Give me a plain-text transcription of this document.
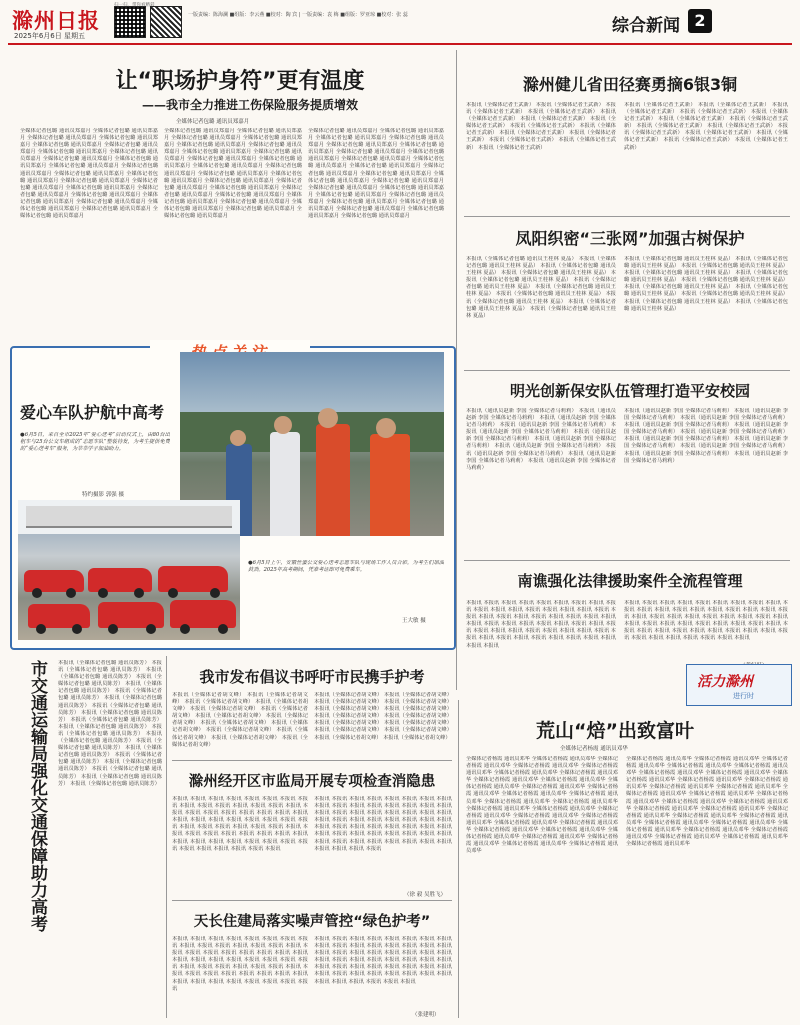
滁州日报
2025年6月6日 星期五
扫一扫，带你看精彩
一版责编：陈海澜 ■组版：李云燕 ■校对：陶 宾 | 一版责编：袁 梅 ■组版：罗亚琼 ■校对：张 蕊
综合新闻 2
让“职场护身符”更有温度
——我市全力推进工伤保险服务提质增效
全媒体记者包璐 通讯员郑嘉月
全媒体记者包璐 通讯员郑嘉月 全媒体记者包璐 通讯员郑嘉月 全媒体记者包璐 通讯员郑嘉月 全媒体记者包璐 通讯员郑嘉月 全媒体记者包璐 通讯员郑嘉月 全媒体记者包璐 通讯员郑嘉月 全媒体记者包璐 通讯员郑嘉月 全媒体记者包璐 通讯员郑嘉月 全媒体记者包璐 通讯员郑嘉月 全媒体记者包璐 通讯员郑嘉月 全媒体记者包璐 通讯员郑嘉月 全媒体记者包璐 通讯员郑嘉月 全媒体记者包璐 通讯员郑嘉月 全媒体记者包璐 通讯员郑嘉月 全媒体记者包璐 通讯员郑嘉月 全媒体记者包璐 通讯员郑嘉月 全媒体记者包璐 通讯员郑嘉月 全媒体记者包璐 通讯员郑嘉月 全媒体记者包璐 通讯员郑嘉月 全媒体记者包璐 通讯员郑嘉月 全媒体记者包璐 通讯员郑嘉月 全媒体记者包璐 通讯员郑嘉月 全媒体记者包璐 通讯员郑嘉月 全媒体记者包璐 通讯员郑嘉月
全媒体记者包璐 通讯员郑嘉月 全媒体记者包璐 通讯员郑嘉月 全媒体记者包璐 通讯员郑嘉月 全媒体记者包璐 通讯员郑嘉月 全媒体记者包璐 通讯员郑嘉月 全媒体记者包璐 通讯员郑嘉月 全媒体记者包璐 通讯员郑嘉月 全媒体记者包璐 通讯员郑嘉月 全媒体记者包璐 通讯员郑嘉月 全媒体记者包璐 通讯员郑嘉月 全媒体记者包璐 通讯员郑嘉月 全媒体记者包璐 通讯员郑嘉月 全媒体记者包璐 通讯员郑嘉月 全媒体记者包璐 通讯员郑嘉月 全媒体记者包璐 通讯员郑嘉月 全媒体记者包璐 通讯员郑嘉月 全媒体记者包璐 通讯员郑嘉月 全媒体记者包璐 通讯员郑嘉月 全媒体记者包璐 通讯员郑嘉月 全媒体记者包璐 通讯员郑嘉月 全媒体记者包璐 通讯员郑嘉月 全媒体记者包璐 通讯员郑嘉月 全媒体记者包璐 通讯员郑嘉月 全媒体记者包璐 通讯员郑嘉月
全媒体记者包璐 通讯员郑嘉月 全媒体记者包璐 通讯员郑嘉月 全媒体记者包璐 通讯员郑嘉月 全媒体记者包璐 通讯员郑嘉月 全媒体记者包璐 通讯员郑嘉月 全媒体记者包璐 通讯员郑嘉月 全媒体记者包璐 通讯员郑嘉月 全媒体记者包璐 通讯员郑嘉月 全媒体记者包璐 通讯员郑嘉月 全媒体记者包璐 通讯员郑嘉月 全媒体记者包璐 通讯员郑嘉月 全媒体记者包璐 通讯员郑嘉月 全媒体记者包璐 通讯员郑嘉月 全媒体记者包璐 通讯员郑嘉月 全媒体记者包璐 通讯员郑嘉月 全媒体记者包璐 通讯员郑嘉月 全媒体记者包璐 通讯员郑嘉月 全媒体记者包璐 通讯员郑嘉月 全媒体记者包璐 通讯员郑嘉月 全媒体记者包璐 通讯员郑嘉月 全媒体记者包璐 通讯员郑嘉月 全媒体记者包璐 通讯员郑嘉月 全媒体记者包璐 通讯员郑嘉月 全媒体记者包璐 通讯员郑嘉月
滁州健儿省田径赛勇摘6银3铜
本报讯（全媒体记者王武新） 本报讯（全媒体记者王武新） 本报讯（全媒体记者王武新） 本报讯（全媒体记者王武新） 本报讯（全媒体记者王武新） 本报讯（全媒体记者王武新） 本报讯（全媒体记者王武新） 本报讯（全媒体记者王武新） 本报讯（全媒体记者王武新） 本报讯（全媒体记者王武新） 本报讯（全媒体记者王武新） 本报讯（全媒体记者王武新） 本报讯（全媒体记者王武新） 本报讯（全媒体记者王武新）
本报讯（全媒体记者王武新） 本报讯（全媒体记者王武新） 本报讯（全媒体记者王武新） 本报讯（全媒体记者王武新） 本报讯（全媒体记者王武新） 本报讯（全媒体记者王武新） 本报讯（全媒体记者王武新） 本报讯（全媒体记者王武新） 本报讯（全媒体记者王武新） 本报讯（全媒体记者王武新） 本报讯（全媒体记者王武新） 本报讯（全媒体记者王武新） 本报讯（全媒体记者王武新） 本报讯（全媒体记者王武新）
凤阳织密“三张网”加强古树保护
本报讯（全媒体记者包璐 通讯员王桂林 夏晶） 本报讯（全媒体记者包璐 通讯员王桂林 夏晶） 本报讯（全媒体记者包璐 通讯员王桂林 夏晶） 本报讯（全媒体记者包璐 通讯员王桂林 夏晶） 本报讯（全媒体记者包璐 通讯员王桂林 夏晶） 本报讯（全媒体记者包璐 通讯员王桂林 夏晶） 本报讯（全媒体记者包璐 通讯员王桂林 夏晶） 本报讯（全媒体记者包璐 通讯员王桂林 夏晶） 本报讯（全媒体记者包璐 通讯员王桂林 夏晶） 本报讯（全媒体记者包璐 通讯员王桂林 夏晶） 本报讯（全媒体记者包璐 通讯员王桂林 夏晶）
本报讯（全媒体记者包璐 通讯员王桂林 夏晶） 本报讯（全媒体记者包璐 通讯员王桂林 夏晶） 本报讯（全媒体记者包璐 通讯员王桂林 夏晶） 本报讯（全媒体记者包璐 通讯员王桂林 夏晶） 本报讯（全媒体记者包璐 通讯员王桂林 夏晶） 本报讯（全媒体记者包璐 通讯员王桂林 夏晶） 本报讯（全媒体记者包璐 通讯员王桂林 夏晶） 本报讯（全媒体记者包璐 通讯员王桂林 夏晶） 本报讯（全媒体记者包璐 通讯员王桂林 夏晶） 本报讯（全媒体记者包璐 通讯员王桂林 夏晶） 本报讯（全媒体记者包璐 通讯员王桂林 夏晶）
明光创新保安队伍管理打造平安校园
本报讯（通讯员赵新 李国 全媒体记者马莉莉） 本报讯（通讯员赵新 李国 全媒体记者马莉莉） 本报讯（通讯员赵新 李国 全媒体记者马莉莉） 本报讯（通讯员赵新 李国 全媒体记者马莉莉） 本报讯（通讯员赵新 李国 全媒体记者马莉莉） 本报讯（通讯员赵新 李国 全媒体记者马莉莉） 本报讯（通讯员赵新 李国 全媒体记者马莉莉） 本报讯（通讯员赵新 李国 全媒体记者马莉莉） 本报讯（通讯员赵新 李国 全媒体记者马莉莉） 本报讯（通讯员赵新 李国 全媒体记者马莉莉） 本报讯（通讯员赵新 李国 全媒体记者马莉莉）
本报讯（通讯员赵新 李国 全媒体记者马莉莉） 本报讯（通讯员赵新 李国 全媒体记者马莉莉） 本报讯（通讯员赵新 李国 全媒体记者马莉莉） 本报讯（通讯员赵新 李国 全媒体记者马莉莉） 本报讯（通讯员赵新 李国 全媒体记者马莉莉） 本报讯（通讯员赵新 李国 全媒体记者马莉莉） 本报讯（通讯员赵新 李国 全媒体记者马莉莉） 本报讯（通讯员赵新 李国 全媒体记者马莉莉） 本报讯（通讯员赵新 李国 全媒体记者马莉莉） 本报讯（通讯员赵新 李国 全媒体记者马莉莉） 本报讯（通讯员赵新 李国 全媒体记者马莉莉）
南谯强化法律援助案件全流程管理
本报讯 本报讯 本报讯 本报讯 本报讯 本报讯 本报讯 本报讯 本报讯 本报讯 本报讯 本报讯 本报讯 本报讯 本报讯 本报讯 本报讯 本报讯 本报讯 本报讯 本报讯 本报讯 本报讯 本报讯 本报讯 本报讯 本报讯 本报讯 本报讯 本报讯 本报讯 本报讯 本报讯 本报讯 本报讯 本报讯 本报讯 本报讯 本报讯 本报讯 本报讯 本报讯 本报讯 本报讯 本报讯 本报讯 本报讯 本报讯 本报讯 本报讯 本报讯 本报讯 本报讯 本报讯
本报讯 本报讯 本报讯 本报讯 本报讯 本报讯 本报讯 本报讯 本报讯 本报讯 本报讯 本报讯 本报讯 本报讯 本报讯 本报讯 本报讯 本报讯 本报讯 本报讯 本报讯 本报讯 本报讯 本报讯 本报讯 本报讯 本报讯 本报讯 本报讯 本报讯 本报讯 本报讯 本报讯 本报讯 本报讯 本报讯 本报讯 本报讯 本报讯 本报讯 本报讯 本报讯 本报讯 本报讯 本报讯 本报讯 本报讯 本报讯 本报讯 本报讯 本报讯 本报讯 本报讯 本报讯
活力滁州
进行时
荒山“焙”出致富叶
全媒体记者杨霞 通讯员邓华
全媒体记者杨霞 通讯员邓华 全媒体记者杨霞 通讯员邓华 全媒体记者杨霞 通讯员邓华 全媒体记者杨霞 通讯员邓华 全媒体记者杨霞 通讯员邓华 全媒体记者杨霞 通讯员邓华 全媒体记者杨霞 通讯员邓华 全媒体记者杨霞 通讯员邓华 全媒体记者杨霞 通讯员邓华 全媒体记者杨霞 通讯员邓华 全媒体记者杨霞 通讯员邓华 全媒体记者杨霞 通讯员邓华 全媒体记者杨霞 通讯员邓华 全媒体记者杨霞 通讯员邓华 全媒体记者杨霞 通讯员邓华 全媒体记者杨霞 通讯员邓华 全媒体记者杨霞 通讯员邓华 全媒体记者杨霞 通讯员邓华 全媒体记者杨霞 通讯员邓华 全媒体记者杨霞 通讯员邓华 全媒体记者杨霞 通讯员邓华 全媒体记者杨霞 通讯员邓华 全媒体记者杨霞 通讯员邓华 全媒体记者杨霞 通讯员邓华 全媒体记者杨霞 通讯员邓华 全媒体记者杨霞 通讯员邓华 全媒体记者杨霞 通讯员邓华 全媒体记者杨霞 通讯员邓华 全媒体记者杨霞 通讯员邓华 全媒体记者杨霞 通讯员邓华
全媒体记者杨霞 通讯员邓华 全媒体记者杨霞 通讯员邓华 全媒体记者杨霞 通讯员邓华 全媒体记者杨霞 通讯员邓华 全媒体记者杨霞 通讯员邓华 全媒体记者杨霞 通讯员邓华 全媒体记者杨霞 通讯员邓华 全媒体记者杨霞 通讯员邓华 全媒体记者杨霞 通讯员邓华 全媒体记者杨霞 通讯员邓华 全媒体记者杨霞 通讯员邓华 全媒体记者杨霞 通讯员邓华 全媒体记者杨霞 通讯员邓华 全媒体记者杨霞 通讯员邓华 全媒体记者杨霞 通讯员邓华 全媒体记者杨霞 通讯员邓华 全媒体记者杨霞 通讯员邓华 全媒体记者杨霞 通讯员邓华 全媒体记者杨霞 通讯员邓华 全媒体记者杨霞 通讯员邓华 全媒体记者杨霞 通讯员邓华 全媒体记者杨霞 通讯员邓华 全媒体记者杨霞 通讯员邓华 全媒体记者杨霞 通讯员邓华 全媒体记者杨霞 通讯员邓华 全媒体记者杨霞 通讯员邓华 全媒体记者杨霞 通讯员邓华 全媒体记者杨霞 通讯员邓华 全媒体记者杨霞 通讯员邓华 全媒体记者杨霞 通讯员邓华
爱心车队护航中高考
●6月5日，来自全市2025年“爱心送考”启动仪式上，由80台出租车与25台公交车组成的“志愿车队”整装待发，为考生提供免费的“爱心送考车”服务，为莘莘学子加油助力。
特约摄影 郭强 摄
●6月5日上午，安徽丝蛋公交爱心送考志愿车队与现场工作人员合影，为考生们加油鼓劲。2025年高考期间，凭准考证即可免费乘车。
王大敏 摄
本报讯（全媒体记者包璐 通讯员陈芳） 本报讯（全媒体记者包璐 通讯员陈芳） 本报讯（全媒体记者包璐 通讯员陈芳） 本报讯（全媒体记者包璐 通讯员陈芳） 本报讯（全媒体记者包璐 通讯员陈芳） 本报讯（全媒体记者包璐 通讯员陈芳） 本报讯（全媒体记者包璐 通讯员陈芳） 本报讯（全媒体记者包璐 通讯员陈芳） 本报讯（全媒体记者包璐 通讯员陈芳） 本报讯（全媒体记者包璐 通讯员陈芳） 本报讯（全媒体记者包璐 通讯员陈芳） 本报讯（全媒体记者包璐 通讯员陈芳） 本报讯（全媒体记者包璐 通讯员陈芳） 本报讯（全媒体记者包璐 通讯员陈芳） 本报讯（全媒体记者包璐 通讯员陈芳） 本报讯（全媒体记者包璐 通讯员陈芳） 本报讯（全媒体记者包璐 通讯员陈芳） 本报讯（全媒体记者包璐 通讯员陈芳） 本报讯（全媒体记者包璐 通讯员陈芳） 本报讯（全媒体记者包璐 通讯员陈芳）
市交通运输局强化交通保障助力高考	我市发布倡议书呼吁市民携手护考
本报讯（全媒体记者胡文峰） 本报讯（全媒体记者胡文峰） 本报讯（全媒体记者胡文峰） 本报讯（全媒体记者胡文峰） 本报讯（全媒体记者胡文峰） 本报讯（全媒体记者胡文峰） 本报讯（全媒体记者胡文峰） 本报讯（全媒体记者胡文峰） 本报讯（全媒体记者胡文峰） 本报讯（全媒体记者胡文峰） 本报讯（全媒体记者胡文峰） 本报讯（全媒体记者胡文峰） 本报讯（全媒体记者胡文峰） 本报讯（全媒体记者胡文峰）
本报讯（全媒体记者胡文峰） 本报讯（全媒体记者胡文峰） 本报讯（全媒体记者胡文峰） 本报讯（全媒体记者胡文峰） 本报讯（全媒体记者胡文峰） 本报讯（全媒体记者胡文峰） 本报讯（全媒体记者胡文峰） 本报讯（全媒体记者胡文峰） 本报讯（全媒体记者胡文峰） 本报讯（全媒体记者胡文峰） 本报讯（全媒体记者胡文峰） 本报讯（全媒体记者胡文峰） 本报讯（全媒体记者胡文峰） 本报讯（全媒体记者胡文峰）
滁州经开区市监局开展专项检查消隐患
本报讯 本报讯 本报讯 本报讯 本报讯 本报讯 本报讯 本报讯 本报讯 本报讯 本报讯 本报讯 本报讯 本报讯 本报讯 本报讯 本报讯 本报讯 本报讯 本报讯 本报讯 本报讯 本报讯 本报讯 本报讯 本报讯 本报讯 本报讯 本报讯 本报讯 本报讯 本报讯 本报讯 本报讯 本报讯 本报讯 本报讯 本报讯 本报讯 本报讯 本报讯 本报讯 本报讯 本报讯 本报讯 本报讯 本报讯 本报讯 本报讯 本报讯 本报讯 本报讯 本报讯 本报讯 本报讯 本报讯 本报讯 本报讯 本报讯 本报讯
本报讯 本报讯 本报讯 本报讯 本报讯 本报讯 本报讯 本报讯 本报讯 本报讯 本报讯 本报讯 本报讯 本报讯 本报讯 本报讯 本报讯 本报讯 本报讯 本报讯 本报讯 本报讯 本报讯 本报讯 本报讯 本报讯 本报讯 本报讯 本报讯 本报讯 本报讯 本报讯 本报讯 本报讯 本报讯 本报讯 本报讯 本报讯 本报讯 本报讯 本报讯 本报讯 本报讯 本报讯 本报讯 本报讯 本报讯 本报讯 本报讯 本报讯 本报讯 本报讯 本报讯 本报讯 本报讯 本报讯 本报讯 本报讯 本报讯 本报讯
（徐 毅 吴胜飞）
天长住建局落实噪声管控“绿色护考”
本报讯 本报讯 本报讯 本报讯 本报讯 本报讯 本报讯 本报讯 本报讯 本报讯 本报讯 本报讯 本报讯 本报讯 本报讯 本报讯 本报讯 本报讯 本报讯 本报讯 本报讯 本报讯 本报讯 本报讯 本报讯 本报讯 本报讯 本报讯 本报讯 本报讯 本报讯 本报讯 本报讯 本报讯 本报讯 本报讯 本报讯 本报讯 本报讯 本报讯 本报讯 本报讯 本报讯 本报讯 本报讯 本报讯 本报讯 本报讯 本报讯 本报讯 本报讯 本报讯 本报讯 本报讯
本报讯 本报讯 本报讯 本报讯 本报讯 本报讯 本报讯 本报讯 本报讯 本报讯 本报讯 本报讯 本报讯 本报讯 本报讯 本报讯 本报讯 本报讯 本报讯 本报讯 本报讯 本报讯 本报讯 本报讯 本报讯 本报讯 本报讯 本报讯 本报讯 本报讯 本报讯 本报讯 本报讯 本报讯 本报讯 本报讯 本报讯 本报讯 本报讯 本报讯 本报讯 本报讯 本报讯 本报讯 本报讯 本报讯 本报讯 本报讯 本报讯 本报讯 本报讯 本报讯 本报讯 本报讯
（张建明）
